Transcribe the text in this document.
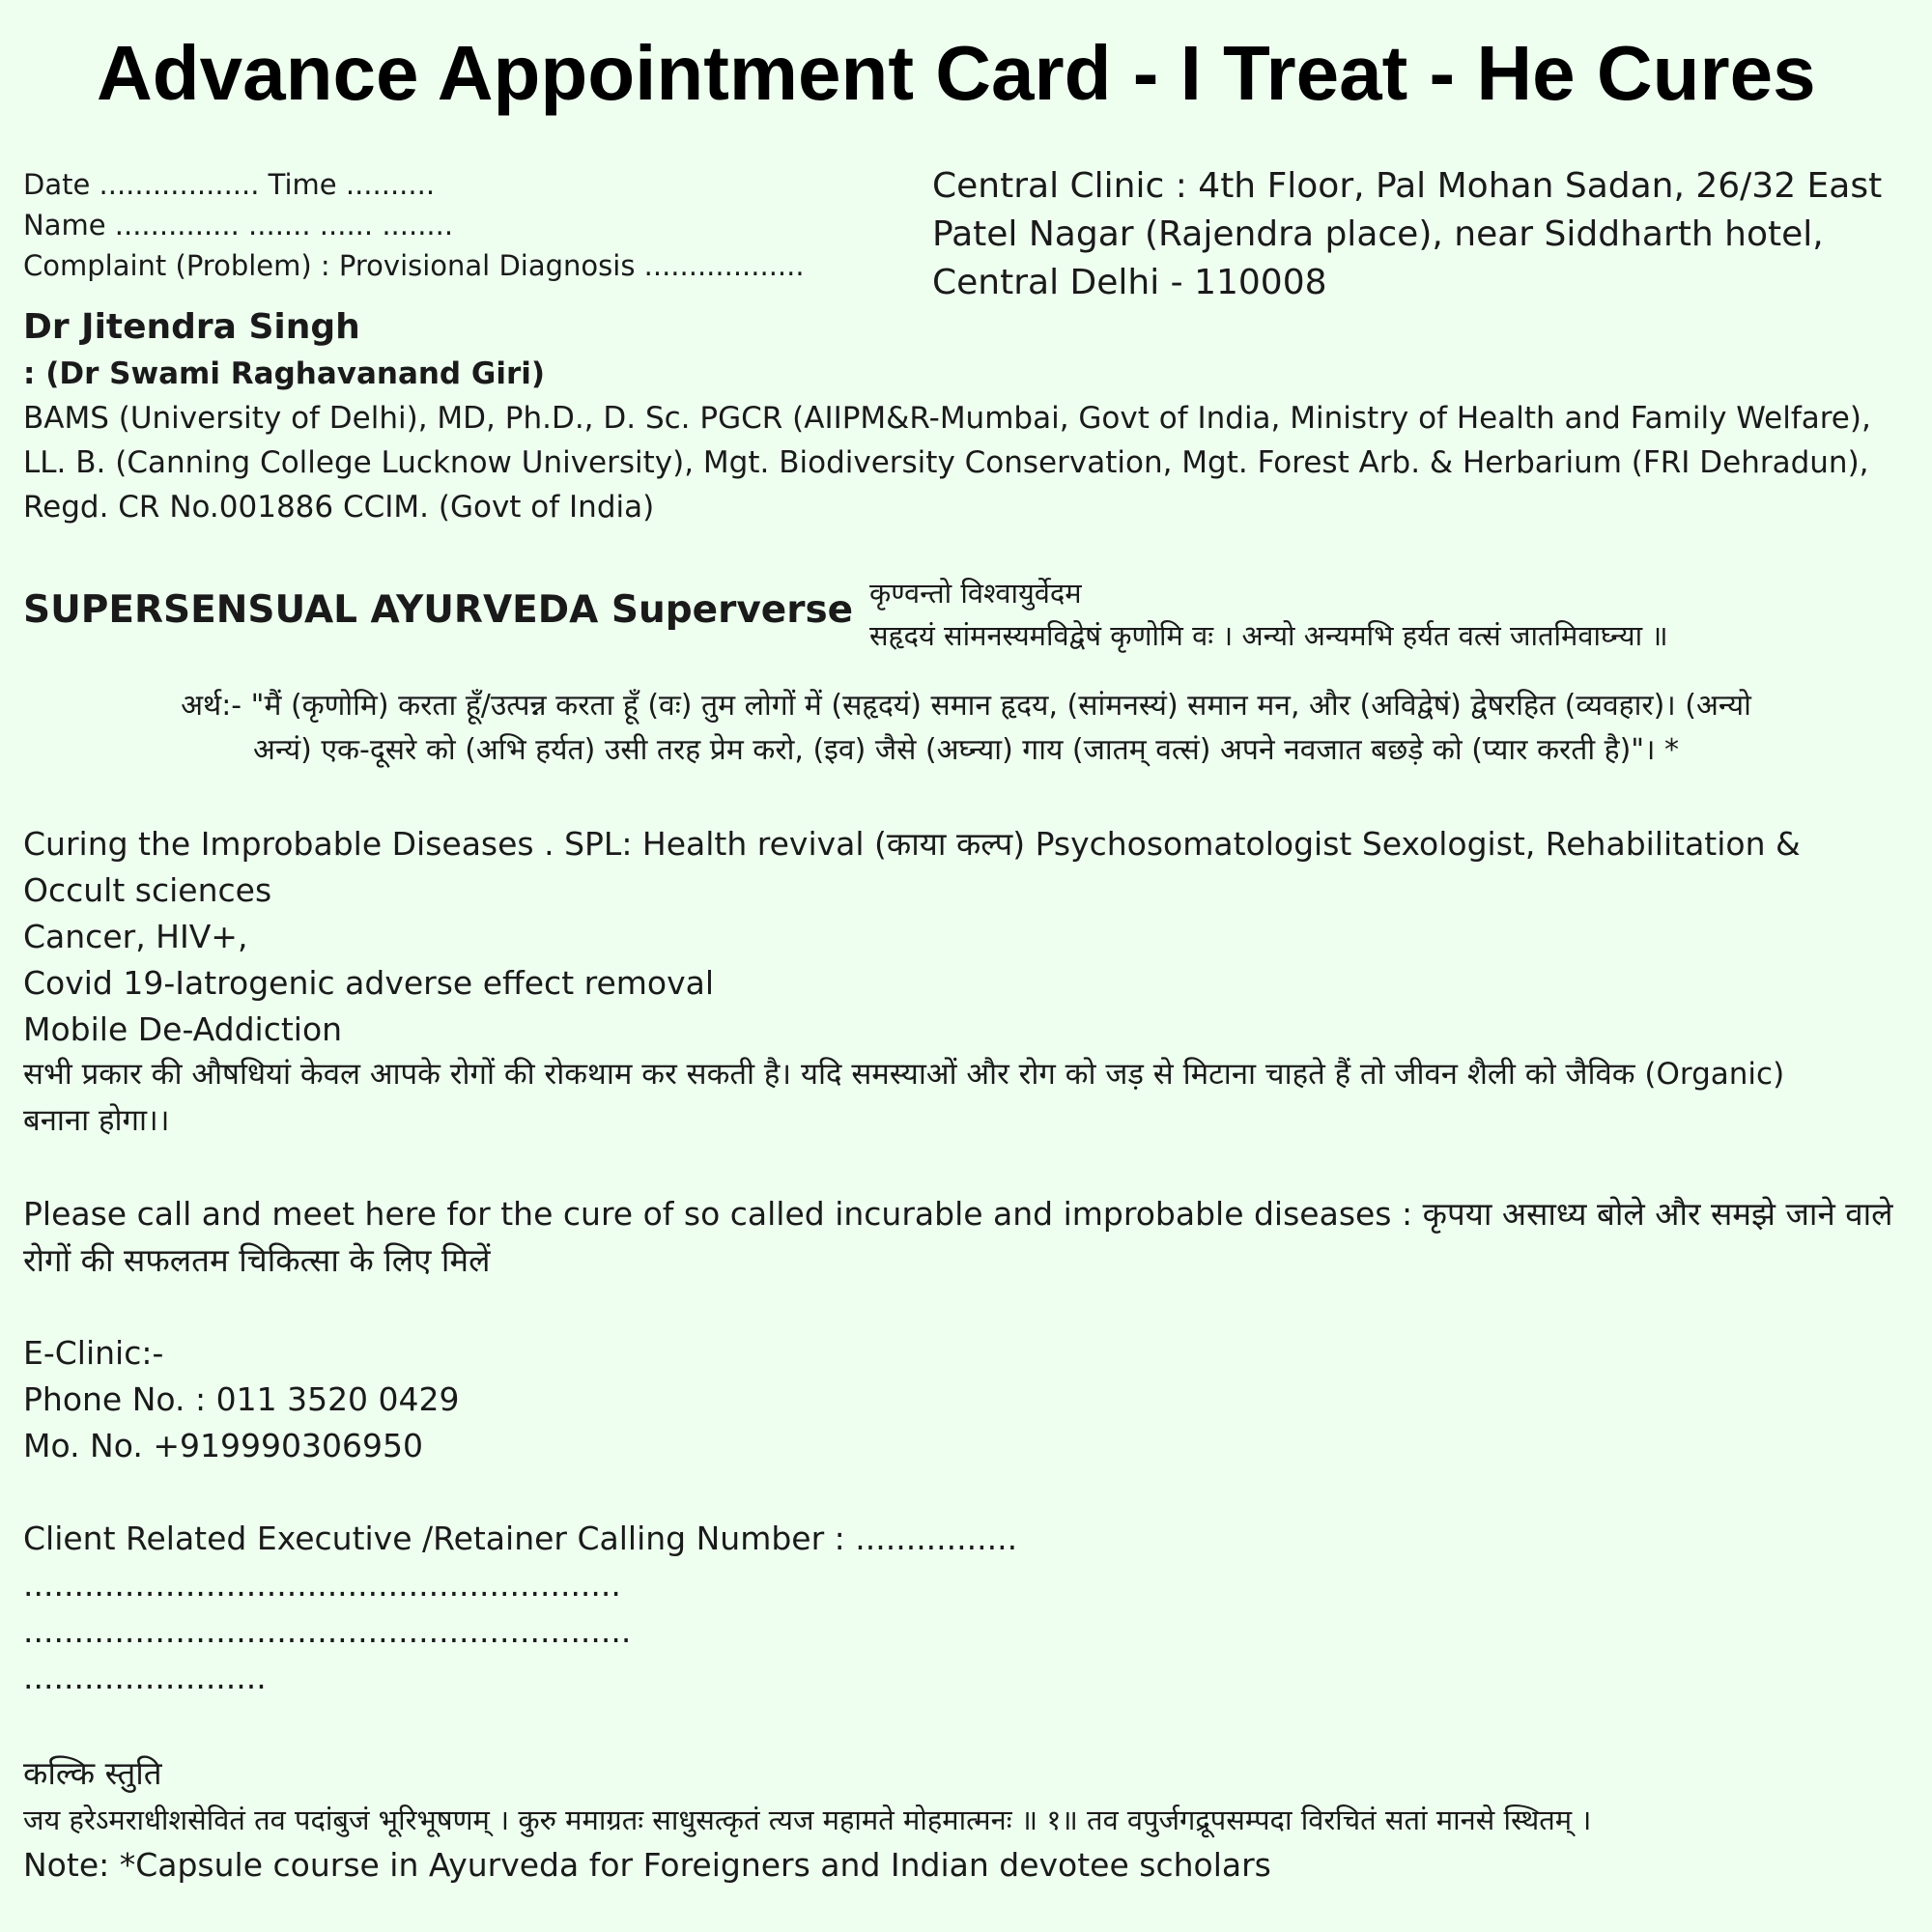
Advance Appointment Card - I Treat - He Cures
Date .................. Time ..........
Name .............. ....... ...... ........
Complaint (Problem) : Provisional Diagnosis ..................
Central Clinic : 4th Floor, Pal Mohan Sadan, 26/32 East
Patel Nagar (Rajendra place), near Siddharth hotel,
Central Delhi - 110008
Dr Jitendra Singh
: (Dr Swami Raghavanand Giri)
BAMS (University of Delhi), MD, Ph.D., D. Sc. PGCR (AIIPM&R-Mumbai, Govt of India, Ministry of Health and Family Welfare),
LL. B. (Canning College Lucknow University), Mgt. Biodiversity Conservation, Mgt. Forest Arb. & Herbarium (FRI Dehradun),
Regd. CR No.001886 CCIM. (Govt of India)
SUPERSENSUAL AYURVEDA Superverse कृण्वन्तो विश्वायुर्वेदम
सहृदयं सांमनस्यमविद्वेषं कृणोमि वः । अन्यो अन्यमभि हर्यत वत्सं जातमिवाघ्न्या ॥
अर्थ:- "मैं (कृणोमि) करता हूँ/उत्पन्न करता हूँ (वः) तुम लोगों में (सहृदयं) समान हृदय, (सांमनस्यं) समान मन, और (अविद्वेषं) द्वेषरहित (व्यवहार)। (अन्यो
अन्यं) एक-दूसरे को (अभि हर्यत) उसी तरह प्रेम करो, (इव) जैसे (अघ्न्या) गाय (जातम् वत्सं) अपने नवजात बछड़े को (प्यार करती है)"। *

Curing the Improbable Diseases . SPL: Health revival (काया कल्प) Psychosomatologist Sexologist, Rehabilitation &

Occult sciences

Cancer, HIV+,

Covid 19-Iatrogenic adverse effect removal

Mobile De-Addiction

सभी प्रकार की औषधियां केवल आपके रोगों की रोकथाम कर सकती है। यदि समस्याओं और रोग को जड़ से मिटाना चाहते हैं तो जीवन शैली को जैविक (Organic)

बनाना होगा।।

Please call and meet here for the cure of so called incurable and improbable diseases : कृपया असाध्य बोले और समझे जाने वाले

रोगों की सफलतम चिकित्सा के लिए मिलें

E-Clinic:-

Phone No. : 011 3520 0429

Mo. No. +919990306950

Client Related Executive /Retainer Calling Number : ................

...........................................................

............................................................

........................

कल्कि स्तुति

जय हरेऽमराधीशसेवितं तव पदांबुजं भूरिभूषणम् । कुरु ममाग्रतः साधुसत्कृतं त्यज महामते मोहमात्मनः ॥ १॥ तव वपुर्जगद्रूपसम्पदा विरचितं सतां मानसे स्थितम् ।

Note: *Capsule course in Ayurveda for Foreigners and Indian devotee scholars
